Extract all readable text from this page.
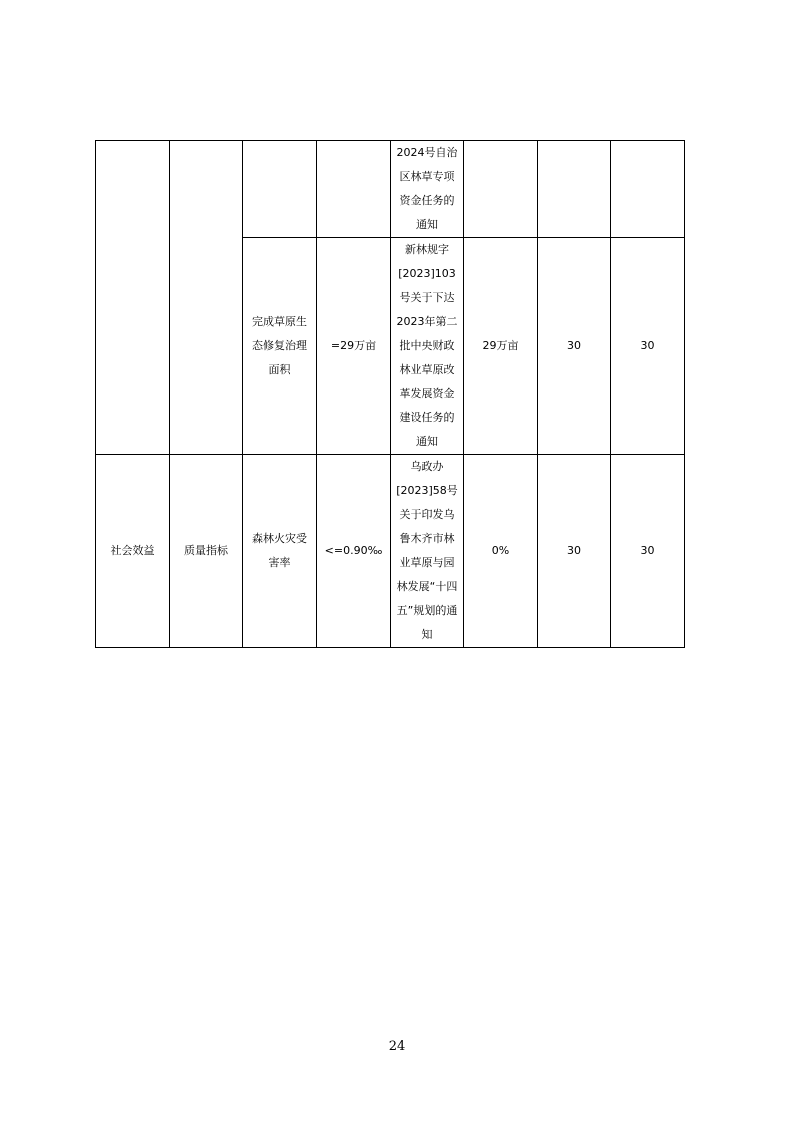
				2024号自治区林草专项资金任务的通知			
		完成草原生态修复治理面积	=29万亩	新林规字[2023]103号关于下达2023年第二批中央财政林业草原改革发展资金建设任务的通知	29万亩	30	30
社会效益	质量指标	森林火灾受害率	<=0.90‰	乌政办[2023]58号关于印发乌鲁木齐市林业草原与园林发展“十四五”规划的通知	0%	30	30
24
